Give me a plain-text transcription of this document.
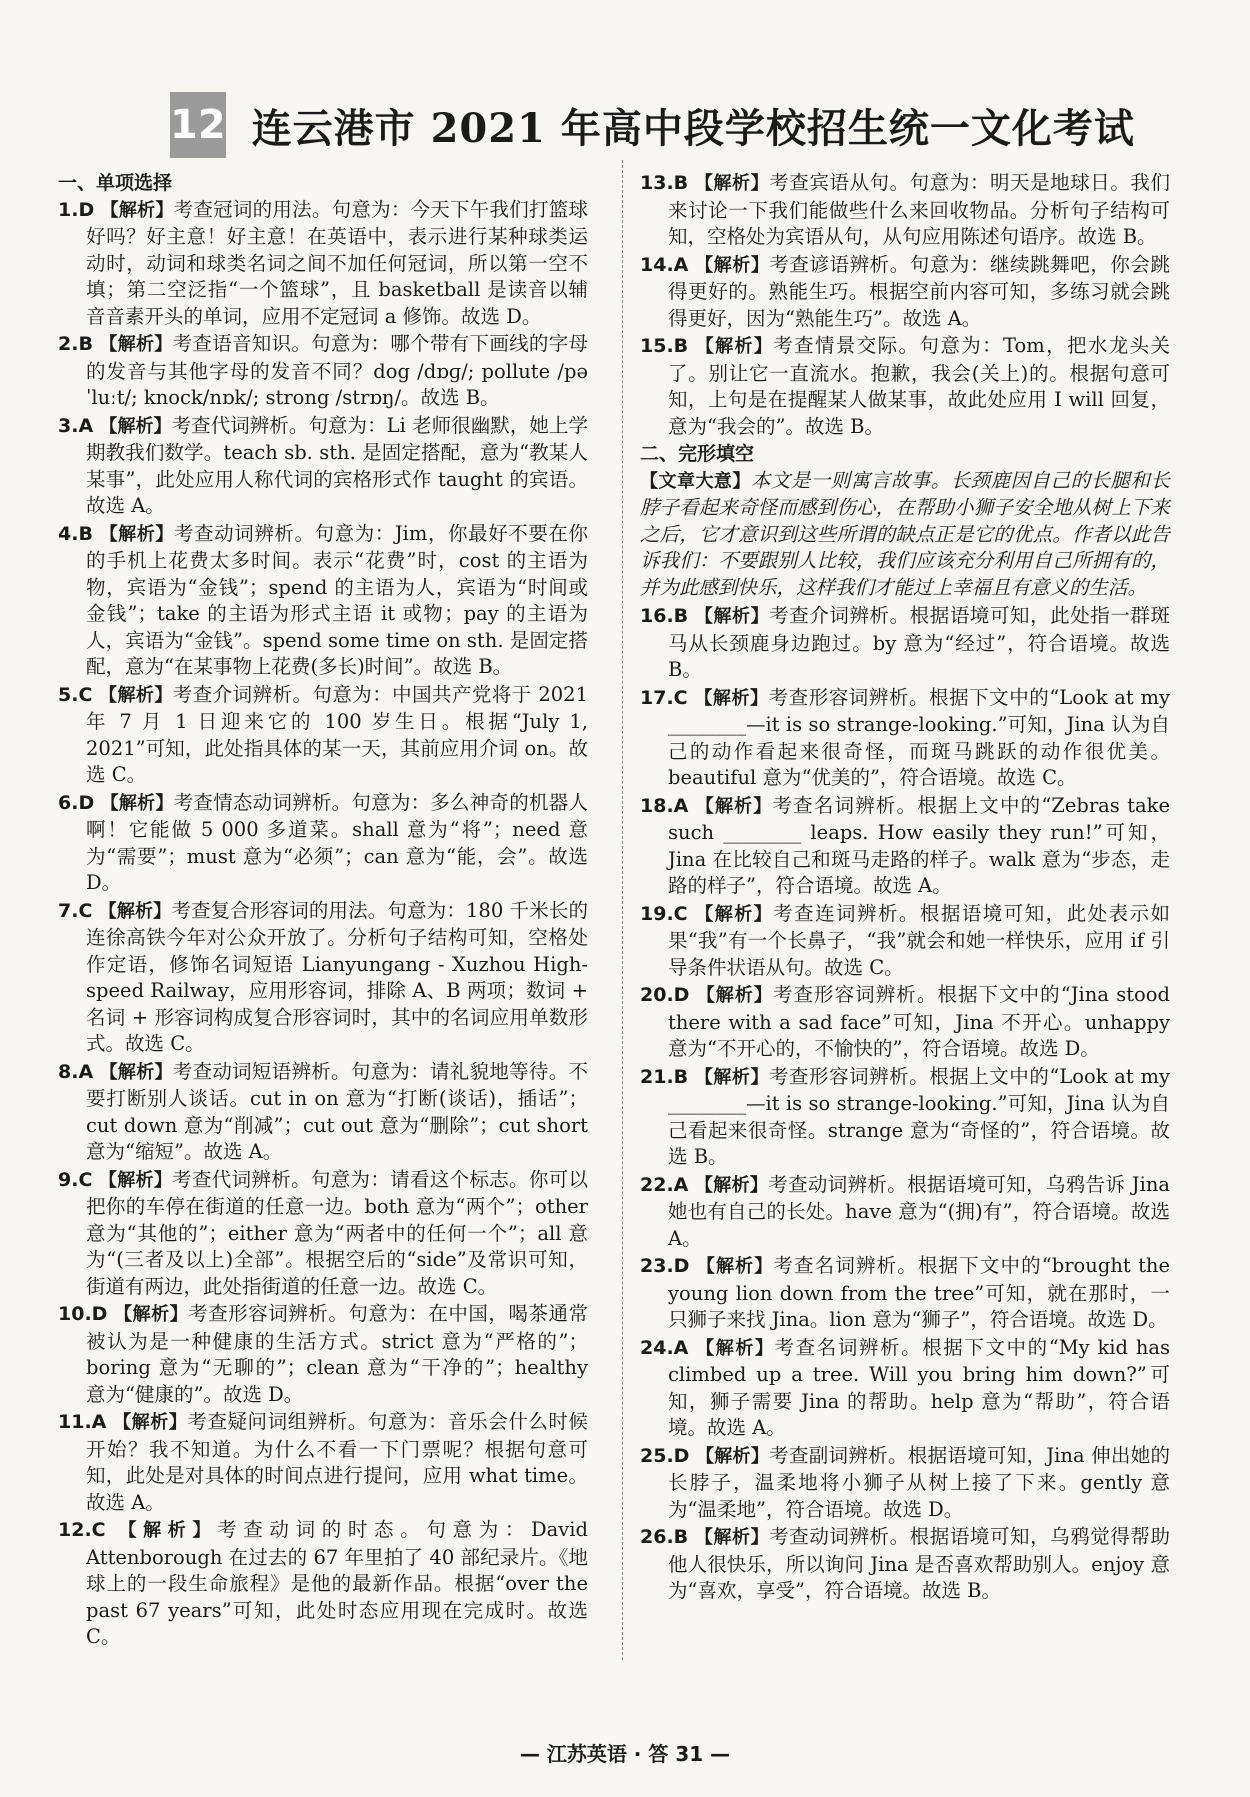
12 连云港市 2021 年高中段学校招生统一文化考试

一、单项选择

1.D 【解析】考查冠词的用法。句意为：今天下午我们打篮球好吗？好主意！好主意！在英语中，表示进行某种球类运动时，动词和球类名词之间不加任何冠词，所以第一空不填；第二空泛指“一个篮球”，且 basketball 是读音以辅音音素开头的单词，应用不定冠词 a 修饰。故选 D。

2.B 【解析】考查语音知识。句意为：哪个带有下画线的字母的发音与其他字母的发音不同？dog /dɒɡ/; pollute /pəˈluːt/; knock/nɒk/; strong /strɒŋ/。故选 B。

3.A 【解析】考查代词辨析。句意为：Li 老师很幽默，她上学期教我们数学。teach sb. sth. 是固定搭配，意为“教某人某事”，此处应用人称代词的宾格形式作 taught 的宾语。故选 A。

4.B 【解析】考查动词辨析。句意为：Jim，你最好不要在你的手机上花费太多时间。表示“花费”时，cost 的主语为物，宾语为“金钱”；spend 的主语为人，宾语为“时间或金钱”；take 的主语为形式主语 it 或物；pay 的主语为人，宾语为“金钱”。spend some time on sth. 是固定搭配，意为“在某事物上花费(多长)时间”。故选 B。

5.C 【解析】考查介词辨析。句意为：中国共产党将于 2021 年 7 月 1 日迎来它的 100 岁生日。根据“July 1, 2021”可知，此处指具体的某一天，其前应用介词 on。故选 C。

6.D 【解析】考查情态动词辨析。句意为：多么神奇的机器人啊！它能做 5 000 多道菜。shall 意为“将”；need 意为“需要”；must 意为“必须”；can 意为“能，会”。故选 D。

7.C 【解析】考查复合形容词的用法。句意为：180 千米长的连徐高铁今年对公众开放了。分析句子结构可知，空格处作定语，修饰名词短语 Lianyungang - Xuzhou High-speed Railway，应用形容词，排除 A、B 两项；数词 + 名词 + 形容词构成复合形容词时，其中的名词应用单数形式。故选 C。

8.A 【解析】考查动词短语辨析。句意为：请礼貌地等待。不要打断别人谈话。cut in on 意为“打断(谈话)，插话”；cut down 意为“削减”；cut out 意为“删除”；cut short 意为“缩短”。故选 A。

9.C 【解析】考查代词辨析。句意为：请看这个标志。你可以把你的车停在街道的任意一边。both 意为“两个”；other 意为“其他的”；either 意为“两者中的任何一个”；all 意为“(三者及以上)全部”。根据空后的“side”及常识可知，街道有两边，此处指街道的任意一边。故选 C。

10.D 【解析】考查形容词辨析。句意为：在中国，喝茶通常被认为是一种健康的生活方式。strict 意为“严格的”；boring 意为“无聊的”；clean 意为“干净的”；healthy 意为“健康的”。故选 D。

11.A 【解析】考查疑问词组辨析。句意为：音乐会什么时候开始？我不知道。为什么不看一下门票呢？根据句意可知，此处是对具体的时间点进行提问，应用 what time。故选 A。

12.C 【解析】考查动词的时态。句意为：David Attenborough 在过去的 67 年里拍了 40 部纪录片。《地球上的一段生命旅程》是他的最新作品。根据“over the past 67 years”可知，此处时态应用现在完成时。故选 C。

13.B 【解析】考查宾语从句。句意为：明天是地球日。我们来讨论一下我们能做些什么来回收物品。分析句子结构可知，空格处为宾语从句，从句应用陈述句语序。故选 B。

14.A 【解析】考查谚语辨析。句意为：继续跳舞吧，你会跳得更好的。熟能生巧。根据空前内容可知，多练习就会跳得更好，因为“熟能生巧”。故选 A。

15.B 【解析】考查情景交际。句意为：Tom，把水龙头关了。别让它一直流水。抱歉，我会(关上)的。根据句意可知，上句是在提醒某人做某事，故此处应用 I will 回复，意为“我会的”。故选 B。

二、完形填空

【文章大意】本文是一则寓言故事。长颈鹿因自己的长腿和长脖子看起来奇怪而感到伤心，在帮助小狮子安全地从树上下来之后，它才意识到这些所谓的缺点正是它的优点。作者以此告诉我们：不要跟别人比较，我们应该充分利用自己所拥有的，并为此感到快乐，这样我们才能过上幸福且有意义的生活。

16.B 【解析】考查介词辨析。根据语境可知，此处指一群斑马从长颈鹿身边跑过。by 意为“经过”，符合语境。故选 B。

17.C 【解析】考查形容词辨析。根据下文中的“Look at my ________—it is so strange-looking.”可知，Jina 认为自己的动作看起来很奇怪，而斑马跳跃的动作很优美。beautiful 意为“优美的”，符合语境。故选 C。

18.A 【解析】考查名词辨析。根据上文中的“Zebras take such ________ leaps. How easily they run!”可知，Jina 在比较自己和斑马走路的样子。walk 意为“步态，走路的样子”，符合语境。故选 A。

19.C 【解析】考查连词辨析。根据语境可知，此处表示如果“我”有一个长鼻子，“我”就会和她一样快乐，应用 if 引导条件状语从句。故选 C。

20.D 【解析】考查形容词辨析。根据下文中的“Jina stood there with a sad face”可知，Jina 不开心。unhappy 意为“不开心的，不愉快的”，符合语境。故选 D。

21.B 【解析】考查形容词辨析。根据上文中的“Look at my ________—it is so strange-looking.”可知，Jina 认为自己看起来很奇怪。strange 意为“奇怪的”，符合语境。故选 B。

22.A 【解析】考查动词辨析。根据语境可知，乌鸦告诉 Jina 她也有自己的长处。have 意为“(拥)有”，符合语境。故选 A。

23.D 【解析】考查名词辨析。根据下文中的“brought the young lion down from the tree”可知，就在那时，一只狮子来找 Jina。lion 意为“狮子”，符合语境。故选 D。

24.A 【解析】考查名词辨析。根据下文中的“My kid has climbed up a tree. Will you bring him down?”可知，狮子需要 Jina 的帮助。help 意为“帮助”，符合语境。故选 A。

25.D 【解析】考查副词辨析。根据语境可知，Jina 伸出她的长脖子，温柔地将小狮子从树上接了下来。gently 意为“温柔地”，符合语境。故选 D。

26.B 【解析】考查动词辨析。根据语境可知，乌鸦觉得帮助他人很快乐，所以询问 Jina 是否喜欢帮助别人。enjoy 意为“喜欢，享受”，符合语境。故选 B。

— 江苏英语 · 答 31 —
